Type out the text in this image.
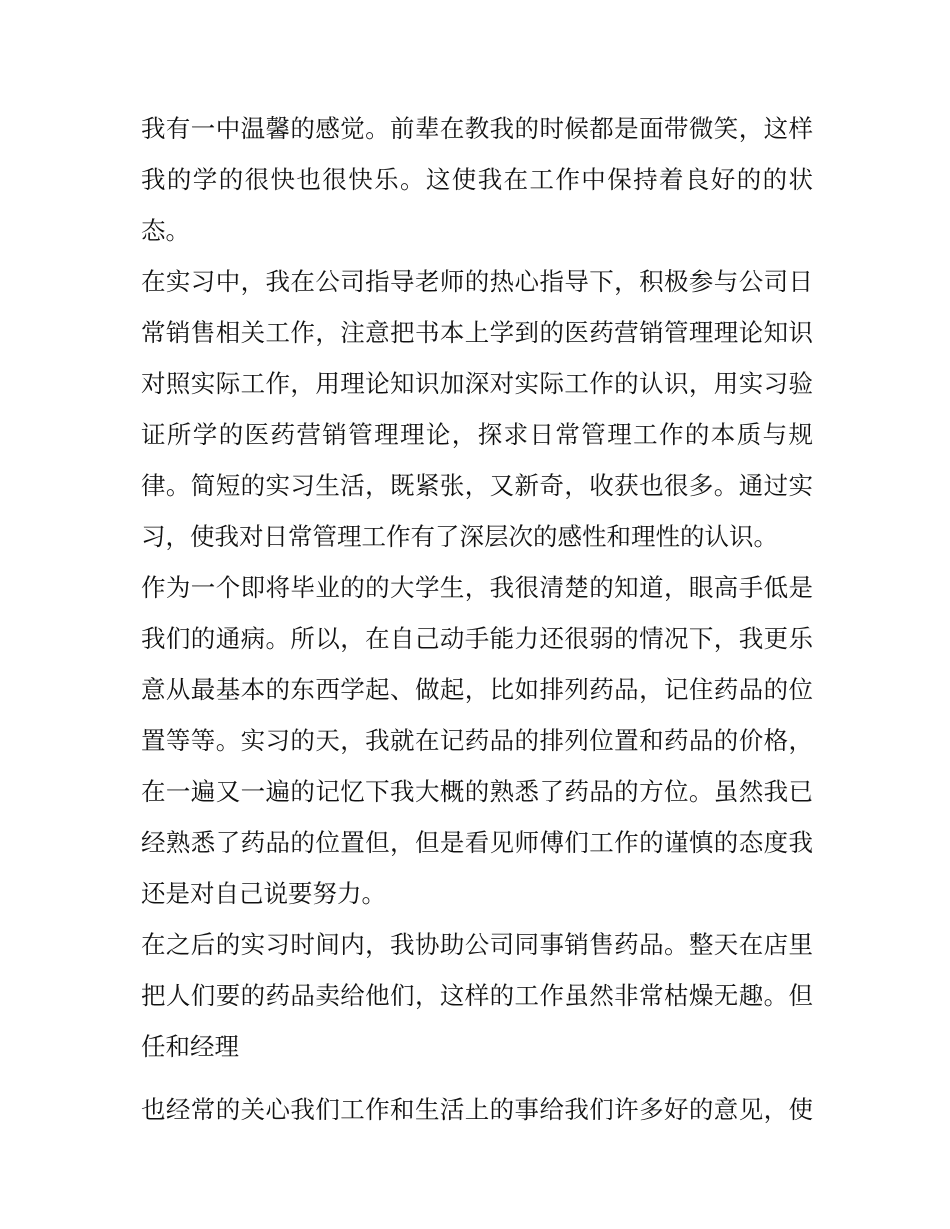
我有一中温馨的感觉。前辈在教我的时候都是面带微笑，这样
我的学的很快也很快乐。这使我在工作中保持着良好的的状
态。
在实习中，我在公司指导老师的热心指导下，积极参与公司日
常销售相关工作，注意把书本上学到的医药营销管理理论知识
对照实际工作，用理论知识加深对实际工作的认识，用实习验
证所学的医药营销管理理论，探求日常管理工作的本质与规
律。简短的实习生活，既紧张，又新奇，收获也很多。通过实
习，使我对日常管理工作有了深层次的感性和理性的认识。
作为一个即将毕业的的大学生，我很清楚的知道，眼高手低是
我们的通病。所以，在自己动手能力还很弱的情况下，我更乐
意从最基本的东西学起、做起，比如排列药品，记住药品的位
置等等。实习的天，我就在记药品的排列位置和药品的价格，
在一遍又一遍的记忆下我大概的熟悉了药品的方位。虽然我已
经熟悉了药品的位置但，但是看见师傅们工作的谨慎的态度我
还是对自己说要努力。
在之后的实习时间内，我协助公司同事销售药品。整天在店里
把人们要的药品卖给他们，这样的工作虽然非常枯燥无趣。但
任和经理
也经常的关心我们工作和生活上的事给我们许多好的意见，使
